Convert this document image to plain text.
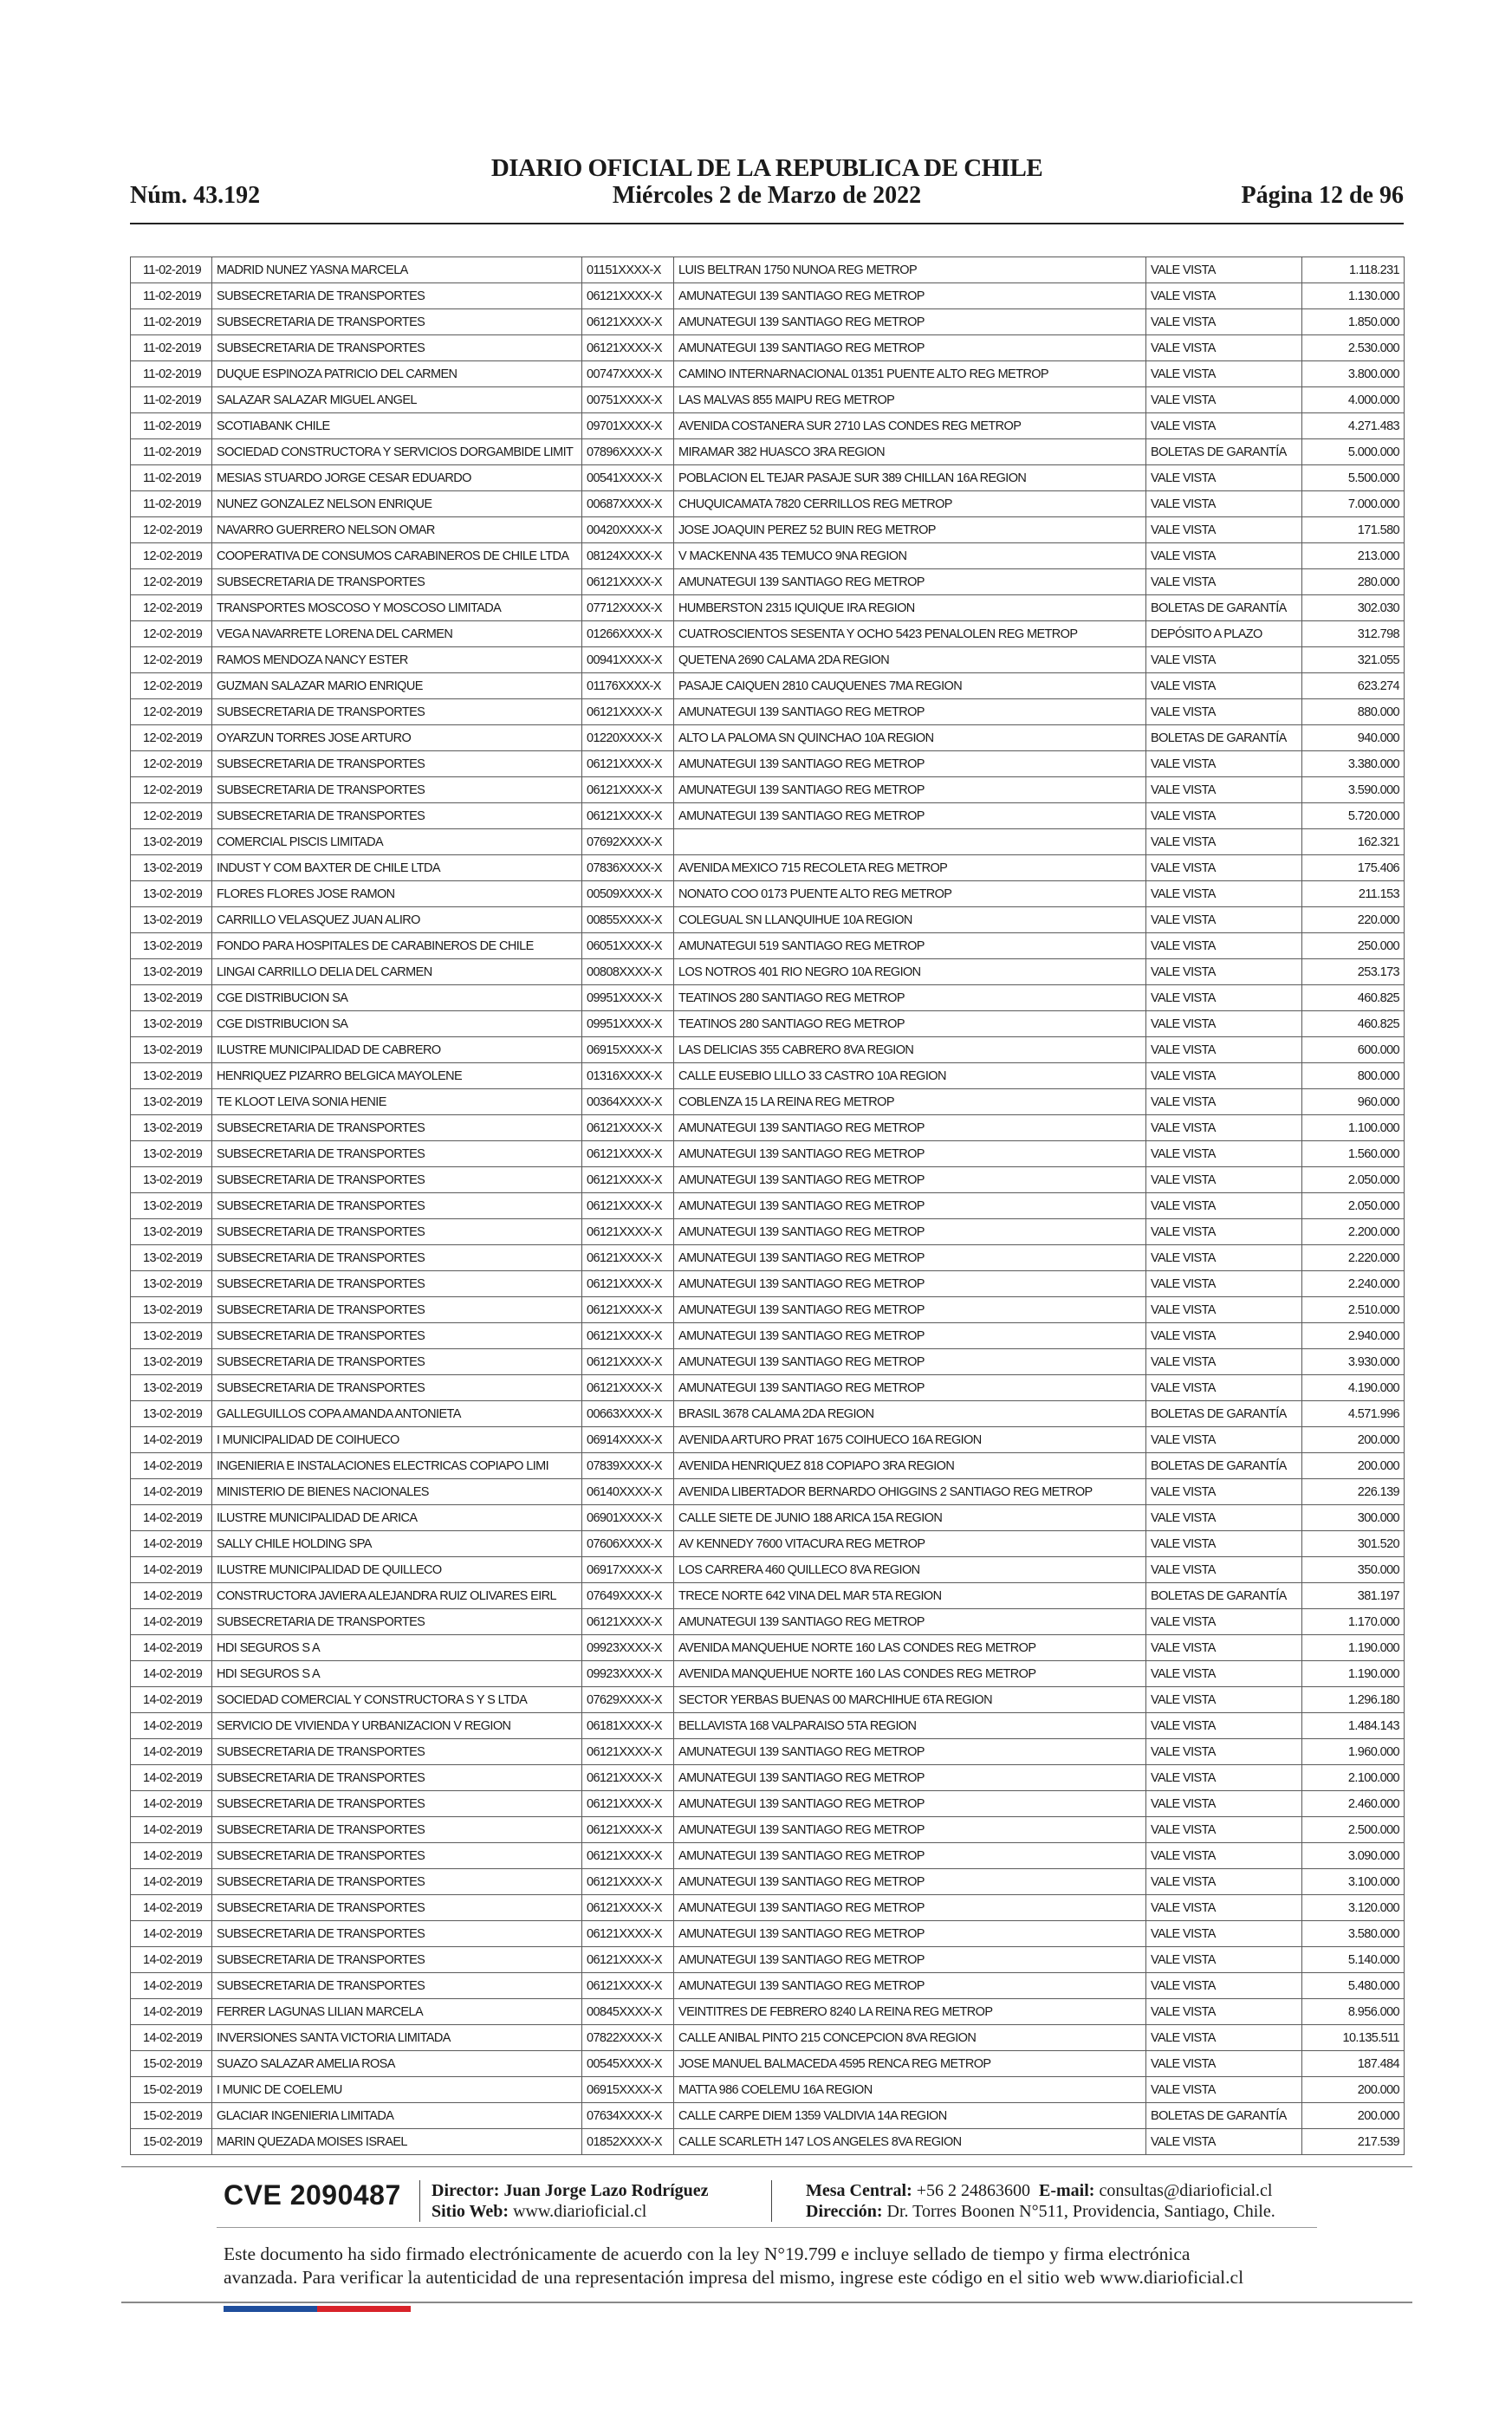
Núm. 43.192
DIARIO OFICIAL DE LA REPUBLICA DE CHILE
Miércoles 2 de Marzo de 2022	Página 12 de 96
11-02-2019	MADRID NUNEZ YASNA MARCELA	01151XXXX-X	LUIS BELTRAN 1750 NUNOA REG METROP	VALE VISTA	1.118.231
11-02-2019	SUBSECRETARIA DE TRANSPORTES	06121XXXX-X	AMUNATEGUI 139 SANTIAGO REG METROP	VALE VISTA	1.130.000
11-02-2019	SUBSECRETARIA DE TRANSPORTES	06121XXXX-X	AMUNATEGUI 139 SANTIAGO REG METROP	VALE VISTA	1.850.000
11-02-2019	SUBSECRETARIA DE TRANSPORTES	06121XXXX-X	AMUNATEGUI 139 SANTIAGO REG METROP	VALE VISTA	2.530.000
11-02-2019	DUQUE ESPINOZA PATRICIO DEL CARMEN	00747XXXX-X	CAMINO INTERNARNACIONAL 01351 PUENTE ALTO REG METROP	VALE VISTA	3.800.000
11-02-2019	SALAZAR SALAZAR MIGUEL ANGEL	00751XXXX-X	LAS MALVAS 855 MAIPU REG METROP	VALE VISTA	4.000.000
11-02-2019	SCOTIABANK CHILE	09701XXXX-X	AVENIDA COSTANERA SUR 2710 LAS CONDES REG METROP	VALE VISTA	4.271.483
11-02-2019	SOCIEDAD CONSTRUCTORA Y SERVICIOS DORGAMBIDE LIMIT	07896XXXX-X	MIRAMAR 382 HUASCO 3RA REGION	BOLETAS DE GARANTÍA	5.000.000
11-02-2019	MESIAS STUARDO JORGE CESAR EDUARDO	00541XXXX-X	POBLACION EL TEJAR PASAJE SUR 389 CHILLAN 16A REGION	VALE VISTA	5.500.000
11-02-2019	NUNEZ GONZALEZ NELSON ENRIQUE	00687XXXX-X	CHUQUICAMATA 7820 CERRILLOS REG METROP	VALE VISTA	7.000.000
12-02-2019	NAVARRO GUERRERO NELSON OMAR	00420XXXX-X	JOSE JOAQUIN PEREZ 52 BUIN REG METROP	VALE VISTA	171.580
12-02-2019	COOPERATIVA DE CONSUMOS CARABINEROS DE CHILE LTDA	08124XXXX-X	V MACKENNA 435 TEMUCO 9NA REGION	VALE VISTA	213.000
12-02-2019	SUBSECRETARIA DE TRANSPORTES	06121XXXX-X	AMUNATEGUI 139 SANTIAGO REG METROP	VALE VISTA	280.000
12-02-2019	TRANSPORTES MOSCOSO Y MOSCOSO LIMITADA	07712XXXX-X	HUMBERSTON 2315 IQUIQUE IRA REGION	BOLETAS DE GARANTÍA	302.030
12-02-2019	VEGA NAVARRETE LORENA DEL CARMEN	01266XXXX-X	CUATROSCIENTOS SESENTA Y OCHO 5423 PENALOLEN REG METROP	DEPÓSITO A PLAZO	312.798
12-02-2019	RAMOS MENDOZA NANCY ESTER	00941XXXX-X	QUETENA 2690 CALAMA 2DA REGION	VALE VISTA	321.055
12-02-2019	GUZMAN SALAZAR MARIO ENRIQUE	01176XXXX-X	PASAJE CAIQUEN 2810 CAUQUENES 7MA REGION	VALE VISTA	623.274
12-02-2019	SUBSECRETARIA DE TRANSPORTES	06121XXXX-X	AMUNATEGUI 139 SANTIAGO REG METROP	VALE VISTA	880.000
12-02-2019	OYARZUN TORRES JOSE ARTURO	01220XXXX-X	ALTO LA PALOMA SN QUINCHAO 10A REGION	BOLETAS DE GARANTÍA	940.000
12-02-2019	SUBSECRETARIA DE TRANSPORTES	06121XXXX-X	AMUNATEGUI 139 SANTIAGO REG METROP	VALE VISTA	3.380.000
12-02-2019	SUBSECRETARIA DE TRANSPORTES	06121XXXX-X	AMUNATEGUI 139 SANTIAGO REG METROP	VALE VISTA	3.590.000
12-02-2019	SUBSECRETARIA DE TRANSPORTES	06121XXXX-X	AMUNATEGUI 139 SANTIAGO REG METROP	VALE VISTA	5.720.000
13-02-2019	COMERCIAL PISCIS LIMITADA	07692XXXX-X		VALE VISTA	162.321
13-02-2019	INDUST Y COM BAXTER DE CHILE LTDA	07836XXXX-X	AVENIDA MEXICO 715 RECOLETA REG METROP	VALE VISTA	175.406
13-02-2019	FLORES FLORES JOSE RAMON	00509XXXX-X	NONATO COO 0173 PUENTE ALTO REG METROP	VALE VISTA	211.153
13-02-2019	CARRILLO VELASQUEZ JUAN ALIRO	00855XXXX-X	COLEGUAL SN LLANQUIHUE 10A REGION	VALE VISTA	220.000
13-02-2019	FONDO PARA HOSPITALES DE CARABINEROS DE CHILE	06051XXXX-X	AMUNATEGUI 519 SANTIAGO REG METROP	VALE VISTA	250.000
13-02-2019	LINGAI CARRILLO DELIA DEL CARMEN	00808XXXX-X	LOS NOTROS 401 RIO NEGRO 10A REGION	VALE VISTA	253.173
13-02-2019	CGE DISTRIBUCION SA	09951XXXX-X	TEATINOS 280 SANTIAGO REG METROP	VALE VISTA	460.825
13-02-2019	CGE DISTRIBUCION SA	09951XXXX-X	TEATINOS 280 SANTIAGO REG METROP	VALE VISTA	460.825
13-02-2019	ILUSTRE MUNICIPALIDAD DE CABRERO	06915XXXX-X	LAS DELICIAS 355 CABRERO 8VA REGION	VALE VISTA	600.000
13-02-2019	HENRIQUEZ PIZARRO BELGICA MAYOLENE	01316XXXX-X	CALLE EUSEBIO LILLO 33 CASTRO 10A REGION	VALE VISTA	800.000
13-02-2019	TE KLOOT LEIVA SONIA HENIE	00364XXXX-X	COBLENZA 15 LA REINA REG METROP	VALE VISTA	960.000
13-02-2019	SUBSECRETARIA DE TRANSPORTES	06121XXXX-X	AMUNATEGUI 139 SANTIAGO REG METROP	VALE VISTA	1.100.000
13-02-2019	SUBSECRETARIA DE TRANSPORTES	06121XXXX-X	AMUNATEGUI 139 SANTIAGO REG METROP	VALE VISTA	1.560.000
13-02-2019	SUBSECRETARIA DE TRANSPORTES	06121XXXX-X	AMUNATEGUI 139 SANTIAGO REG METROP	VALE VISTA	2.050.000
13-02-2019	SUBSECRETARIA DE TRANSPORTES	06121XXXX-X	AMUNATEGUI 139 SANTIAGO REG METROP	VALE VISTA	2.050.000
13-02-2019	SUBSECRETARIA DE TRANSPORTES	06121XXXX-X	AMUNATEGUI 139 SANTIAGO REG METROP	VALE VISTA	2.200.000
13-02-2019	SUBSECRETARIA DE TRANSPORTES	06121XXXX-X	AMUNATEGUI 139 SANTIAGO REG METROP	VALE VISTA	2.220.000
13-02-2019	SUBSECRETARIA DE TRANSPORTES	06121XXXX-X	AMUNATEGUI 139 SANTIAGO REG METROP	VALE VISTA	2.240.000
13-02-2019	SUBSECRETARIA DE TRANSPORTES	06121XXXX-X	AMUNATEGUI 139 SANTIAGO REG METROP	VALE VISTA	2.510.000
13-02-2019	SUBSECRETARIA DE TRANSPORTES	06121XXXX-X	AMUNATEGUI 139 SANTIAGO REG METROP	VALE VISTA	2.940.000
13-02-2019	SUBSECRETARIA DE TRANSPORTES	06121XXXX-X	AMUNATEGUI 139 SANTIAGO REG METROP	VALE VISTA	3.930.000
13-02-2019	SUBSECRETARIA DE TRANSPORTES	06121XXXX-X	AMUNATEGUI 139 SANTIAGO REG METROP	VALE VISTA	4.190.000
13-02-2019	GALLEGUILLOS COPA AMANDA ANTONIETA	00663XXXX-X	BRASIL 3678 CALAMA 2DA REGION	BOLETAS DE GARANTÍA	4.571.996
14-02-2019	I MUNICIPALIDAD DE COIHUECO	06914XXXX-X	AVENIDA ARTURO PRAT 1675 COIHUECO 16A REGION	VALE VISTA	200.000
14-02-2019	INGENIERIA E INSTALACIONES ELECTRICAS COPIAPO LIMI	07839XXXX-X	AVENIDA HENRIQUEZ 818 COPIAPO 3RA REGION	BOLETAS DE GARANTÍA	200.000
14-02-2019	MINISTERIO DE BIENES NACIONALES	06140XXXX-X	AVENIDA LIBERTADOR BERNARDO OHIGGINS 2 SANTIAGO REG METROP	VALE VISTA	226.139
14-02-2019	ILUSTRE MUNICIPALIDAD DE ARICA	06901XXXX-X	CALLE SIETE DE JUNIO 188 ARICA 15A REGION	VALE VISTA	300.000
14-02-2019	SALLY CHILE HOLDING SPA	07606XXXX-X	AV KENNEDY 7600 VITACURA REG METROP	VALE VISTA	301.520
14-02-2019	ILUSTRE MUNICIPALIDAD DE QUILLECO	06917XXXX-X	LOS CARRERA 460 QUILLECO 8VA REGION	VALE VISTA	350.000
14-02-2019	CONSTRUCTORA JAVIERA ALEJANDRA RUIZ OLIVARES EIRL	07649XXXX-X	TRECE NORTE 642 VINA DEL MAR 5TA REGION	BOLETAS DE GARANTÍA	381.197
14-02-2019	SUBSECRETARIA DE TRANSPORTES	06121XXXX-X	AMUNATEGUI 139 SANTIAGO REG METROP	VALE VISTA	1.170.000
14-02-2019	HDI SEGUROS S A	09923XXXX-X	AVENIDA MANQUEHUE NORTE 160 LAS CONDES REG METROP	VALE VISTA	1.190.000
14-02-2019	HDI SEGUROS S A	09923XXXX-X	AVENIDA MANQUEHUE NORTE 160 LAS CONDES REG METROP	VALE VISTA	1.190.000
14-02-2019	SOCIEDAD COMERCIAL Y CONSTRUCTORA S Y S LTDA	07629XXXX-X	SECTOR YERBAS BUENAS 00 MARCHIHUE 6TA REGION	VALE VISTA	1.296.180
14-02-2019	SERVICIO DE VIVIENDA Y URBANIZACION V REGION	06181XXXX-X	BELLAVISTA 168 VALPARAISO 5TA REGION	VALE VISTA	1.484.143
14-02-2019	SUBSECRETARIA DE TRANSPORTES	06121XXXX-X	AMUNATEGUI 139 SANTIAGO REG METROP	VALE VISTA	1.960.000
14-02-2019	SUBSECRETARIA DE TRANSPORTES	06121XXXX-X	AMUNATEGUI 139 SANTIAGO REG METROP	VALE VISTA	2.100.000
14-02-2019	SUBSECRETARIA DE TRANSPORTES	06121XXXX-X	AMUNATEGUI 139 SANTIAGO REG METROP	VALE VISTA	2.460.000
14-02-2019	SUBSECRETARIA DE TRANSPORTES	06121XXXX-X	AMUNATEGUI 139 SANTIAGO REG METROP	VALE VISTA	2.500.000
14-02-2019	SUBSECRETARIA DE TRANSPORTES	06121XXXX-X	AMUNATEGUI 139 SANTIAGO REG METROP	VALE VISTA	3.090.000
14-02-2019	SUBSECRETARIA DE TRANSPORTES	06121XXXX-X	AMUNATEGUI 139 SANTIAGO REG METROP	VALE VISTA	3.100.000
14-02-2019	SUBSECRETARIA DE TRANSPORTES	06121XXXX-X	AMUNATEGUI 139 SANTIAGO REG METROP	VALE VISTA	3.120.000
14-02-2019	SUBSECRETARIA DE TRANSPORTES	06121XXXX-X	AMUNATEGUI 139 SANTIAGO REG METROP	VALE VISTA	3.580.000
14-02-2019	SUBSECRETARIA DE TRANSPORTES	06121XXXX-X	AMUNATEGUI 139 SANTIAGO REG METROP	VALE VISTA	5.140.000
14-02-2019	SUBSECRETARIA DE TRANSPORTES	06121XXXX-X	AMUNATEGUI 139 SANTIAGO REG METROP	VALE VISTA	5.480.000
14-02-2019	FERRER LAGUNAS LILIAN MARCELA	00845XXXX-X	VEINTITRES DE FEBRERO 8240 LA REINA REG METROP	VALE VISTA	8.956.000
14-02-2019	INVERSIONES SANTA VICTORIA LIMITADA	07822XXXX-X	CALLE ANIBAL PINTO 215 CONCEPCION 8VA REGION	VALE VISTA	10.135.511
15-02-2019	SUAZO SALAZAR AMELIA ROSA	00545XXXX-X	JOSE MANUEL BALMACEDA 4595 RENCA REG METROP	VALE VISTA	187.484
15-02-2019	I MUNIC DE COELEMU	06915XXXX-X	MATTA 986 COELEMU 16A REGION	VALE VISTA	200.000
15-02-2019	GLACIAR INGENIERIA LIMITADA	07634XXXX-X	CALLE CARPE DIEM 1359 VALDIVIA 14A REGION	BOLETAS DE GARANTÍA	200.000
15-02-2019	MARIN QUEZADA MOISES ISRAEL	01852XXXX-X	CALLE SCARLETH 147 LOS ANGELES 8VA REGION	VALE VISTA	217.539
CVE 2090487 Director: Juan Jorge Lazo Rodríguez
Sitio Web: www.diarioficial.cl
Mesa Central: +56 2 24863600 E-mail: consultas@diarioficial.cl
Dirección: Dr. Torres Boonen N°511, Providencia, Santiago, Chile.
Este documento ha sido firmado electrónicamente de acuerdo con la ley N°19.799 e incluye sellado de tiempo y firma electrónica
avanzada. Para verificar la autenticidad de una representación impresa del mismo, ingrese este código en el sitio web www.diarioficial.cl
